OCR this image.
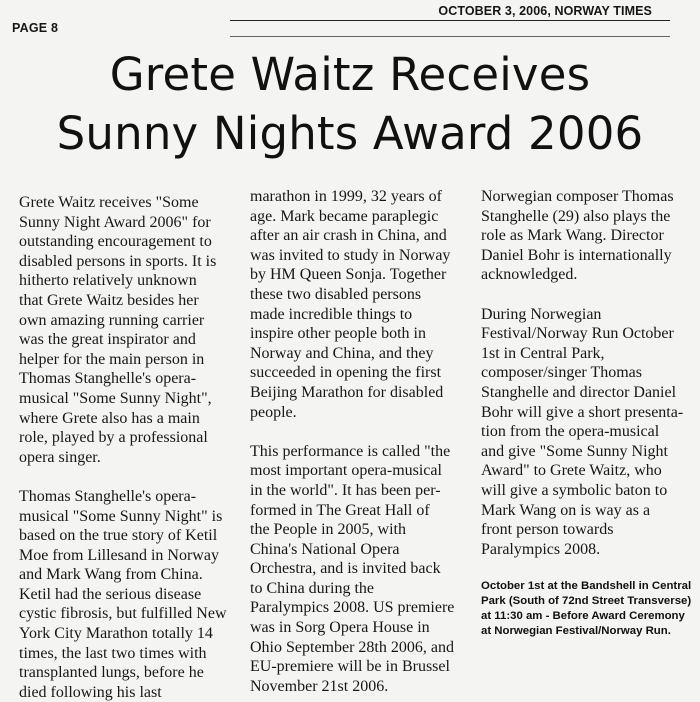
PAGE 8
OCTOBER 3, 2006, NORWAY TIMES
Grete Waitz Receives
Sunny Nights Award 2006

Grete Waitz receives "Some
Sunny Night Award 2006" for
outstanding encouragement to
disabled persons in sports. It is
hitherto relatively unknown
that Grete Waitz besides her
own amazing running carrier
was the great inspirator and
helper for the main person in
Thomas Stanghelle's opera-
musical "Some Sunny Night",
where Grete also has a main
role, played by a professional
opera singer.

Thomas Stanghelle's opera-
musical "Some Sunny Night" is
based on the true story of Ketil
Moe from Lillesand in Norway
and Mark Wang from China.
Ketil had the serious disease
cystic fibrosis, but fulfilled New
York City Marathon totally 14
times, the last two times with
transplanted lungs, before he
died following his last

marathon in 1999, 32 years of
age. Mark became paraplegic
after an air crash in China, and
was invited to study in Norway
by HM Queen Sonja. Together
these two disabled persons
made incredible things to
inspire other people both in
Norway and China, and they
succeeded in opening the first
Beijing Marathon for disabled
people.

This performance is called "the
most important opera-musical
in the world". It has been per-
formed in The Great Hall of
the People in 2005, with
China's National Opera
Orchestra, and is invited back
to China during the
Paralympics 2008. US premiere
was in Sorg Opera House in
Ohio September 28th 2006, and
EU-premiere will be in Brussel
November 21st 2006.

Norwegian composer Thomas
Stanghelle (29) also plays the
role as Mark Wang. Director
Daniel Bohr is internationally
acknowledged.

During Norwegian
Festival/Norway Run October
1st in Central Park,
composer/singer Thomas
Stanghelle and director Daniel
Bohr will give a short presenta-
tion from the opera-musical
and give "Some Sunny Night
Award" to Grete Waitz, who
will give a symbolic baton to
Mark Wang on is way as a
front person towards
Paralympics 2008.

October 1st at the Bandshell in Central
Park (South of 72nd Street Transverse)
at 11:30 am - Before Award Ceremony
at Norwegian Festival/Norway Run.
